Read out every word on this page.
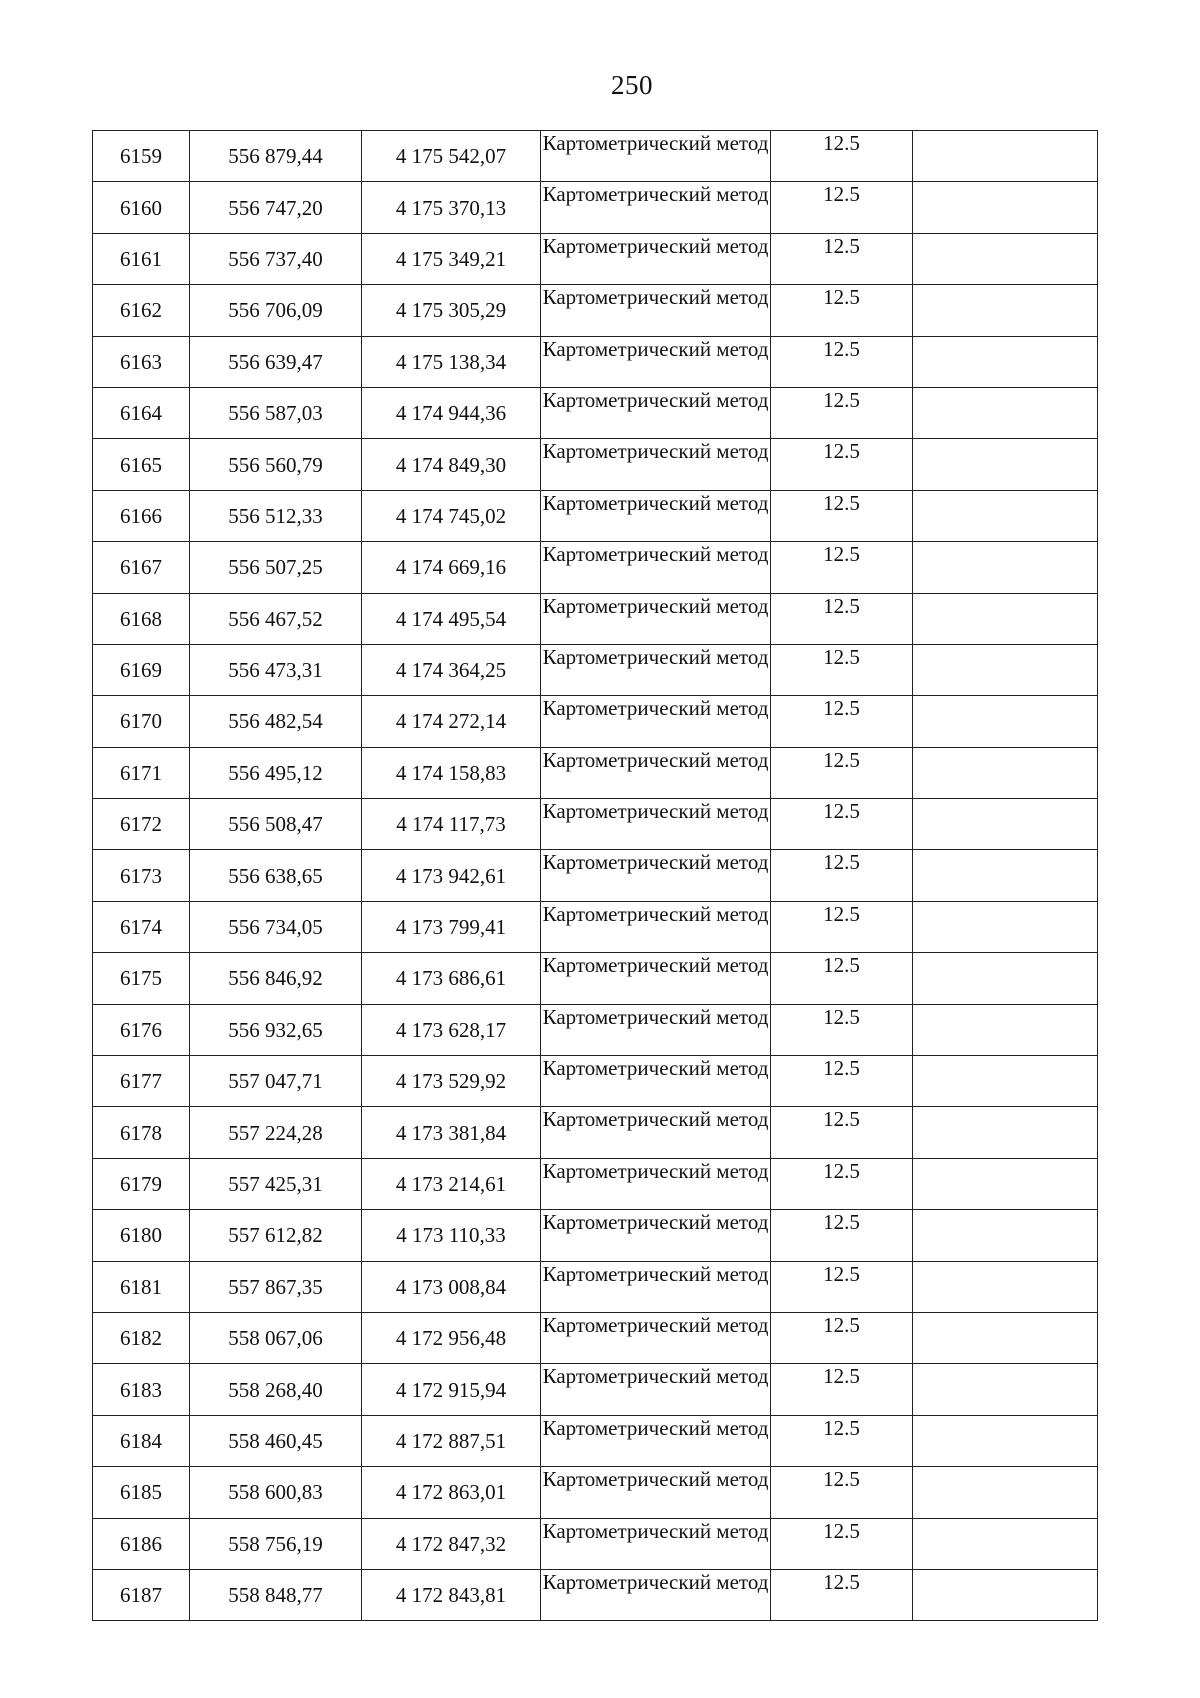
250
6159	556 879,44	4 175 542,07	Картометрический метод	12.5	
6160	556 747,20	4 175 370,13	Картометрический метод	12.5	
6161	556 737,40	4 175 349,21	Картометрический метод	12.5	
6162	556 706,09	4 175 305,29	Картометрический метод	12.5	
6163	556 639,47	4 175 138,34	Картометрический метод	12.5	
6164	556 587,03	4 174 944,36	Картометрический метод	12.5	
6165	556 560,79	4 174 849,30	Картометрический метод	12.5	
6166	556 512,33	4 174 745,02	Картометрический метод	12.5	
6167	556 507,25	4 174 669,16	Картометрический метод	12.5	
6168	556 467,52	4 174 495,54	Картометрический метод	12.5	
6169	556 473,31	4 174 364,25	Картометрический метод	12.5	
6170	556 482,54	4 174 272,14	Картометрический метод	12.5	
6171	556 495,12	4 174 158,83	Картометрический метод	12.5	
6172	556 508,47	4 174 117,73	Картометрический метод	12.5	
6173	556 638,65	4 173 942,61	Картометрический метод	12.5	
6174	556 734,05	4 173 799,41	Картометрический метод	12.5	
6175	556 846,92	4 173 686,61	Картометрический метод	12.5	
6176	556 932,65	4 173 628,17	Картометрический метод	12.5	
6177	557 047,71	4 173 529,92	Картометрический метод	12.5	
6178	557 224,28	4 173 381,84	Картометрический метод	12.5	
6179	557 425,31	4 173 214,61	Картометрический метод	12.5	
6180	557 612,82	4 173 110,33	Картометрический метод	12.5	
6181	557 867,35	4 173 008,84	Картометрический метод	12.5	
6182	558 067,06	4 172 956,48	Картометрический метод	12.5	
6183	558 268,40	4 172 915,94	Картометрический метод	12.5	
6184	558 460,45	4 172 887,51	Картометрический метод	12.5	
6185	558 600,83	4 172 863,01	Картометрический метод	12.5	
6186	558 756,19	4 172 847,32	Картометрический метод	12.5	
6187	558 848,77	4 172 843,81	Картометрический метод	12.5	
